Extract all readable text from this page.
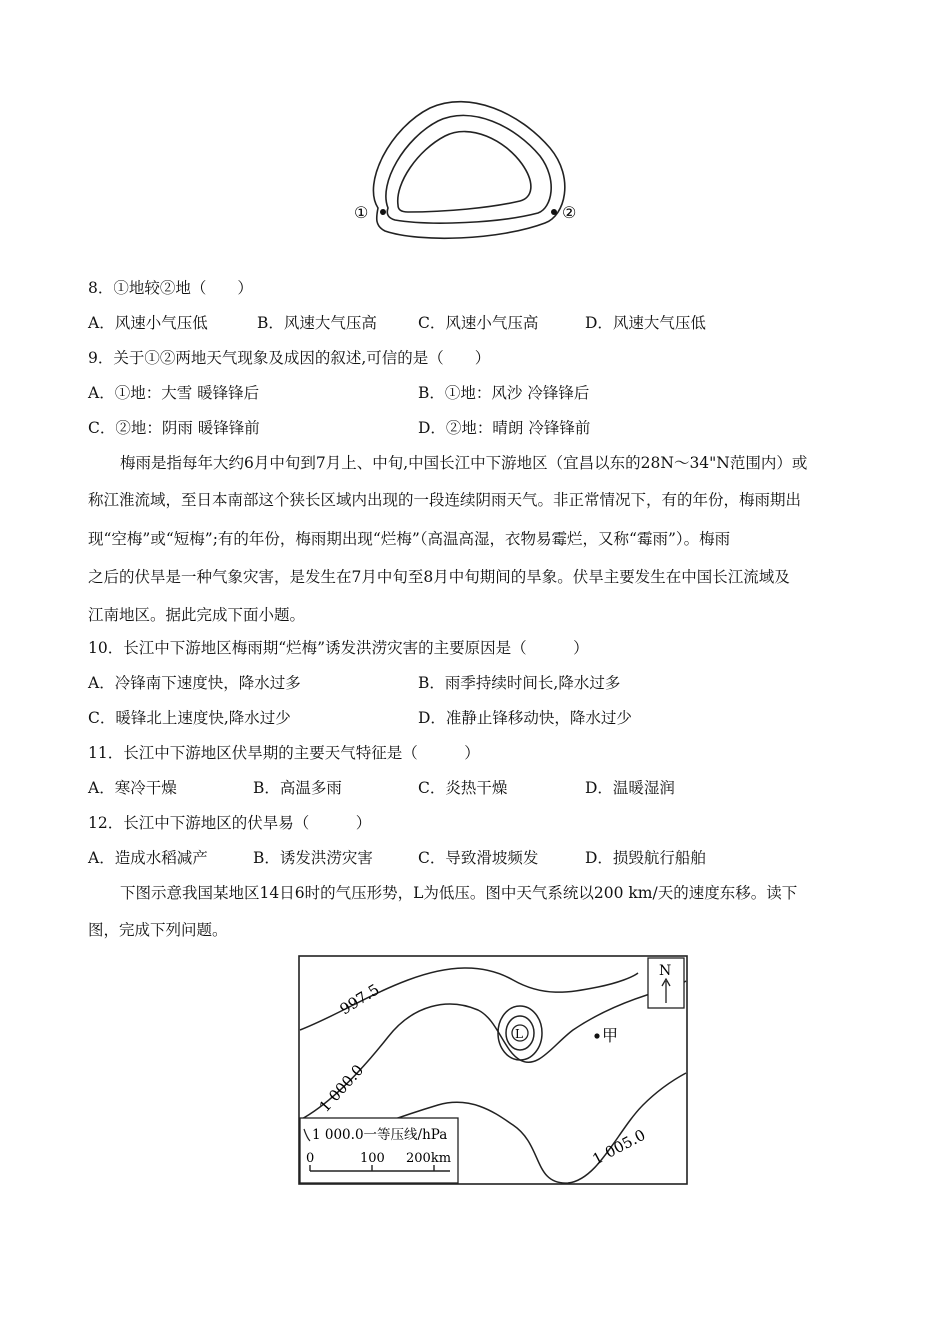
①	②
8．①地较②地（　　）
A．风速小气压低	B．风速大气压高	C．风速小气压高	D．风速大气压低
9．关于①②两地天气现象及成因的叙述,可信的是（　　）
A．①地：大雪 暖锋锋后	B．①地：风沙 冷锋锋后
C．②地：阴雨 暖锋锋前	D．②地：晴朗 冷锋锋前
梅雨是指每年大约6月中旬到7月上、中旬,中国长江中下游地区（宜昌以东的28N～34"N范围内）或
称江淮流域，至日本南部这个狭长区域内出现的一段连续阴雨天气。非正常情况下，有的年份，梅雨期出
现“空梅”或“短梅”;有的年份，梅雨期出现“烂梅”（高温高湿，衣物易霉烂，又称“霉雨”）。梅雨
之后的伏旱是一种气象灾害，是发生在7月中旬至8月中旬期间的旱象。伏旱主要发生在中国长江流域及
江南地区。据此完成下面小题。
10．长江中下游地区梅雨期“烂梅”诱发洪涝灾害的主要原因是（　　　）
A．冷锋南下速度快，降水过多	B．雨季持续时间长,降水过多
C．暖锋北上速度快,降水过少	D．准静止锋移动快，降水过少
11．长江中下游地区伏旱期的主要天气特征是（　　　）
A．寒冷干燥	B．高温多雨	C．炎热干燥	D．温暖湿润
12．长江中下游地区的伏旱易（　　　）
A．造成水稻减产	B．诱发洪涝灾害	C．导致滑坡频发	D．损毁航行船舶
下图示意我国某地区14日6时的气压形势，L为低压。图中天气系统以200 km/天的速度东移。读下
图，完成下列问题。
L	甲
997.5
1 000.0
1 005.0
N
1 000.0一等压线/hPa
0	100 200km
